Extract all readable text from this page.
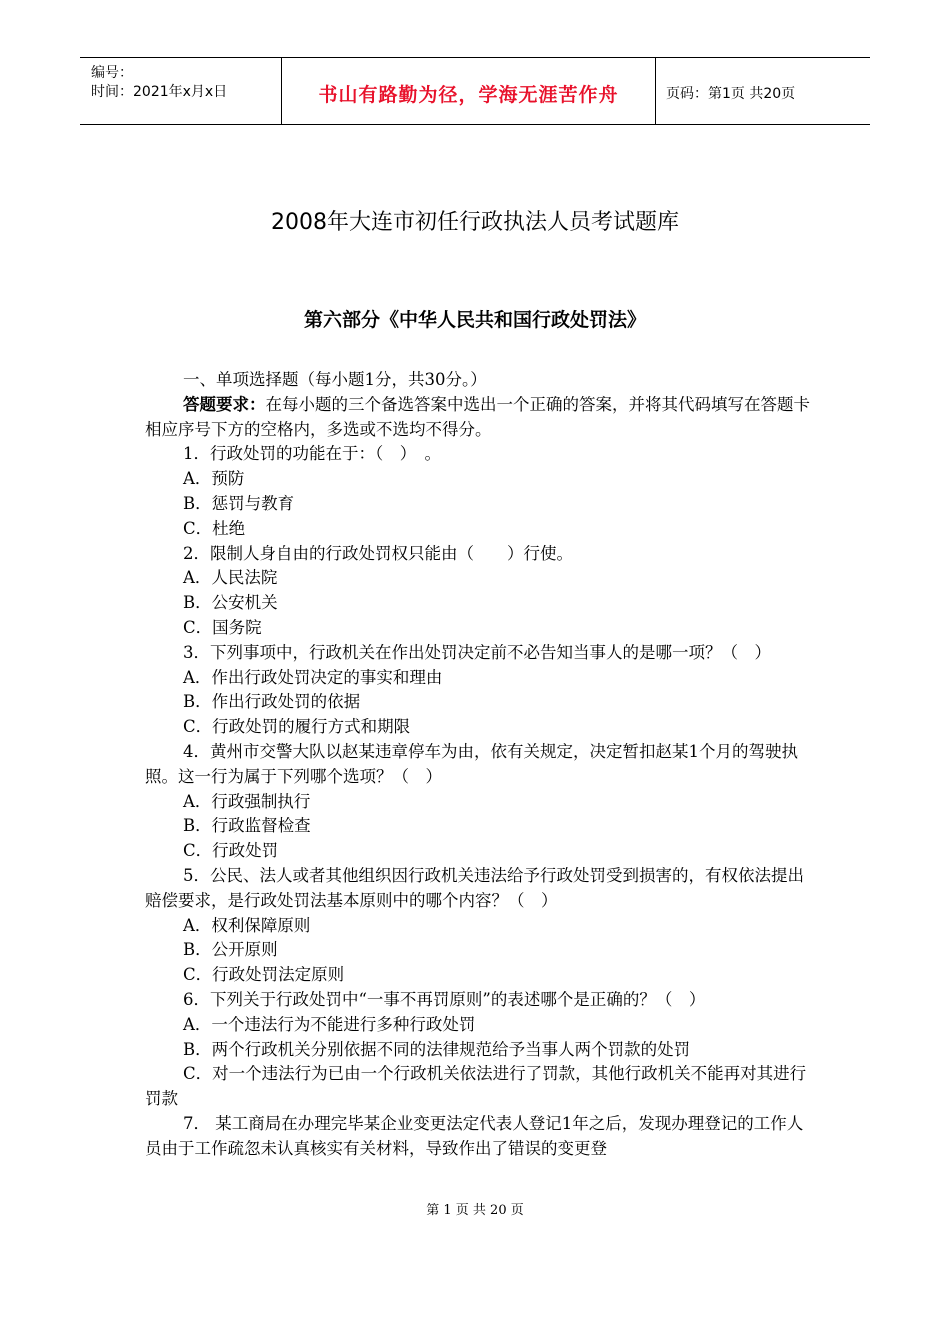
编号：
时间：2021年x月x日	书山有路勤为径，学海无涯苦作舟	页码：第1页 共20页
2008年大连市初任行政执法人员考试题库
第六部分《中华人民共和国行政处罚法》

一、单项选择题（每小题1分，共30分。）

答题要求：在每小题的三个备选答案中选出一个正确的答案，并将其代码填写在答题卡相应序号下方的空格内，多选或不选均不得分。

1．行政处罚的功能在于：（　）　。

A．预防

B．惩罚与教育

C．杜绝

2．限制人身自由的行政处罚权只能由（　　）行使。

A．人民法院

B．公安机关

C．国务院

3．下列事项中，行政机关在作出处罚决定前不必告知当事人的是哪一项？（　）

A．作出行政处罚决定的事实和理由

B．作出行政处罚的依据

C．行政处罚的履行方式和期限

4．黄州市交警大队以赵某违章停车为由，依有关规定，决定暂扣赵某1个月的驾驶执照。这一行为属于下列哪个选项？（　）

A．行政强制执行

B．行政监督检查

C．行政处罚

5．公民、法人或者其他组织因行政机关违法给予行政处罚受到损害的，有权依法提出赔偿要求，是行政处罚法基本原则中的哪个内容？（　）

A．权利保障原则

B．公开原则

C．行政处罚法定原则

6．下列关于行政处罚中“一事不再罚原则”的表述哪个是正确的？（　）

A．一个违法行为不能进行多种行政处罚

B．两个行政机关分别依据不同的法律规范给予当事人两个罚款的处罚

C．对一个违法行为已由一个行政机关依法进行了罚款，其他行政机关不能再对其进行罚款

7． 某工商局在办理完毕某企业变更法定代表人登记1年之后，发现办理登记的工作人员由于工作疏忽未认真核实有关材料，导致作出了错误的变更登

第 1 页 共 20 页
